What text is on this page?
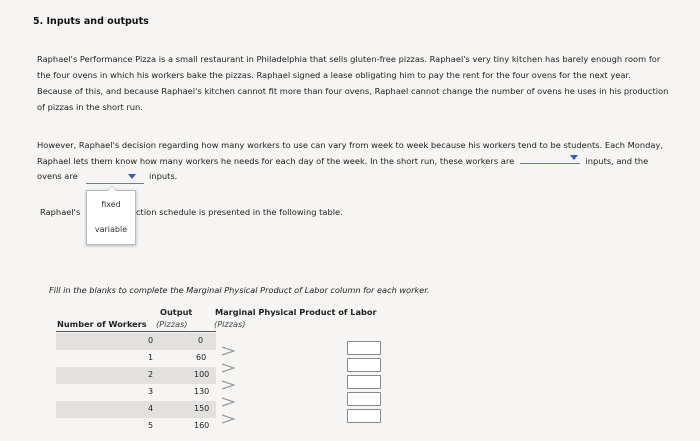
5. Inputs and outputs
Raphael's Performance Pizza is a small restaurant in Philadelphia that sells gluten-free pizzas. Raphael's very tiny kitchen has barely enough room for
the four ovens in which his workers bake the pizzas. Raphael signed a lease obligating him to pay the rent for the four ovens for the next year.
Because of this, and because Raphael's kitchen cannot fit more than four ovens, Raphael cannot change the number of ovens he uses in his production
of pizzas in the short run.
However, Raphael's decision regarding how many workers to use can vary from week to week because his workers tend to be students. Each Monday,
Raphael lets them know how many workers he needs for each day of the week. In the short run, these workers are	inputs, and the
ovens are	inputs.
fixed
variable
Raphael's	ction schedule is presented in the following table.
Fill in the blanks to complete the Marginal Physical Product of Labor column for each worker.
Number of Workers
Output
(Pizzas)
Marginal Physical Product of Labor
(Pizzas)
0	0
1	60
2	100
3	130
4	150
5	160
